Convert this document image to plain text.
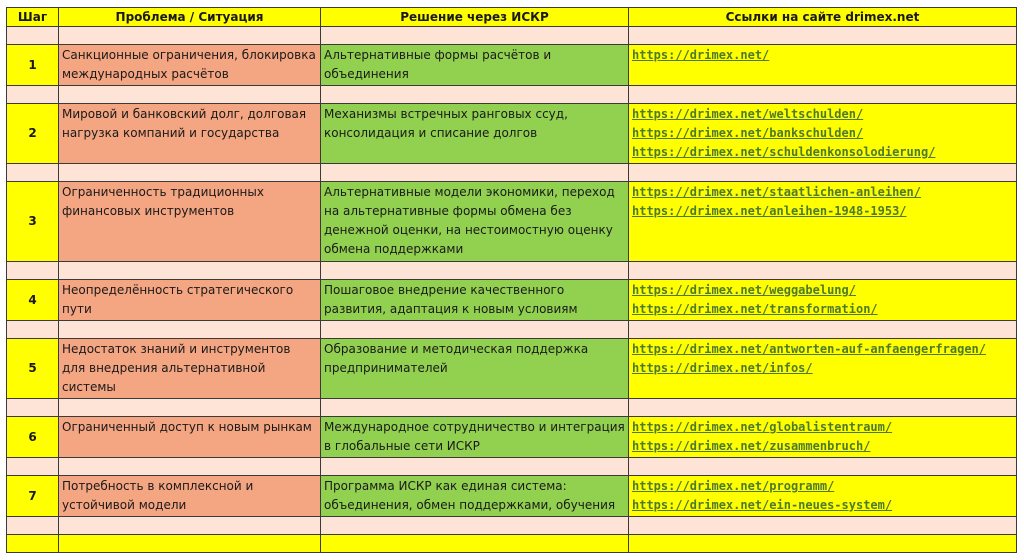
Шаг	Проблема / Ситуация	Решение через ИСКР	Ссылки на сайте drimex.net

1	Санкционные ограничения, блокировка международных расчётов	Альтернативные формы расчётов и объединения	https://drimex.net/

2	Мировой и банковский долг, долговая нагрузка компаний и государства	Механизмы встречных ранговых ссуд, консолидация и списание долгов	https://drimex.net/weltschulden/
https://drimex.net/bankschulden/
https://drimex.net/schuldenkonsolodierung/

3	Ограниченность традиционных финансовых инструментов	Альтернативные модели экономики, переход на альтернативные формы обмена без денежной оценки, на нестоимостную оценку обмена поддержками	https://drimex.net/staatlichen-anleihen/
https://drimex.net/anleihen-1948-1953/

4	Неопределённость стратегического пути	Пошаговое внедрение качественного развития, адаптация к новым условиям	https://drimex.net/weggabelung/
https://drimex.net/transformation/

5	Недостаток знаний и инструментов для внедрения альтернативной системы	Образование и методическая поддержка предпринимателей	https://drimex.net/antworten-auf-anfaengerfragen/
https://drimex.net/infos/

6	Ограниченный доступ к новым рынкам	Международное сотрудничество и интеграция в глобальные сети ИСКР	https://drimex.net/globalistentraum/
https://drimex.net/zusammenbruch/

7	Потребность в комплексной и устойчивой модели	Программа ИСКР как единая система: объединения, обмен поддержками, обучения	https://drimex.net/programm/
https://drimex.net/ein-neues-system/
